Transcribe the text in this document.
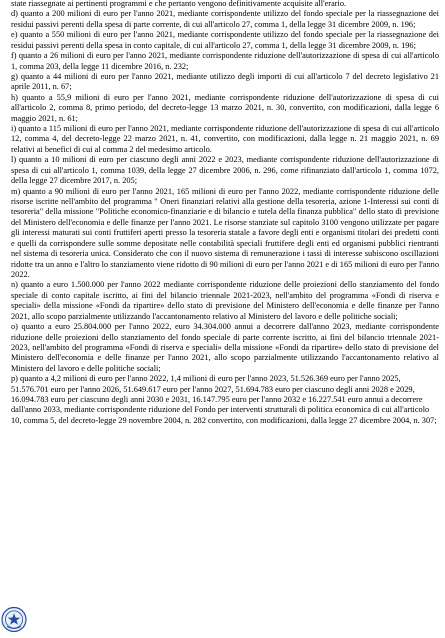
state riassegnate ai pertinenti programmi e che pertanto vengono definitivamente acquisite all'erario.

d) quanto a 200 milioni di euro per l'anno 2021, mediante corrispondente utilizzo del fondo speciale per la riassegnazione dei residui passivi perenti della spesa di parte corrente, di cui all'articolo 27, comma 1, della legge 31 dicembre 2009, n. 196;

e) quanto a 550 milioni di euro per l'anno 2021, mediante corrispondente utilizzo del fondo speciale per la riassegnazione dei residui passivi perenti della spesa in conto capitale, di cui all'articolo 27, comma 1, della legge 31 dicembre 2009, n. 196;

f) quanto a 26 milioni di euro per l'anno 2021, mediante corrispondente riduzione dell'autorizzazione di spesa di cui all'articolo 1, comma 203, della legge 11 dicembre 2016, n. 232;

g) quanto a 44 milioni di euro per l'anno 2021, mediante utilizzo degli importi di cui all'articolo 7 del decreto legislativo 21 aprile 2011, n. 67;

h) quanto a 55,9 milioni di euro per l'anno 2021, mediante corrispondente riduzione dell'autorizzazione di spesa di cui all'articolo 2, comma 8, primo periodo, del decreto-legge 13 marzo 2021, n. 30, convertito, con modificazioni, dalla legge 6 maggio 2021, n. 61;

i) quanto a 115 milioni di euro per l'anno 2021, mediante corrispondente riduzione dell'autorizzazione di spesa di cui all'articolo 12, comma 4, del decreto-legge 22 marzo 2021, n. 41, convertito, con modificazioni, dalla legge n. 21 maggio 2021, n. 69 relativi ai benefici di cui al comma 2 del medesimo articolo.

l) quanto a 10 milioni di euro per ciascuno degli anni 2022 e 2023, mediante corrispondente riduzione dell'autorizzazione di spesa di cui all'articolo 1, comma 1039, della legge 27 dicembre 2006, n. 296, come rifinanziato dall'articolo 1, comma 1072, della legge 27 dicembre 2017, n. 205;

m) quanto a 90 milioni di euro per l'anno 2021, 165 milioni di euro per l'anno 2022, mediante corrispondente riduzione delle risorse iscritte nell'ambito del programma " Oneri finanziari relativi alla gestione della tesoreria, azione 1-Interessi sui conti di tesoreria" della missione "Politiche economico-finanziarie e di bilancio e tutela della finanza pubblica" dello stato di previsione del Ministero dell'economia e delle finanze per l'anno 2021. Le risorse stanziate sul capitolo 3100 vengono utilizzate per pagare gli interessi maturati sui conti fruttiferi aperti presso la tesoreria statale a favore degli enti e organismi titolari dei predetti conti e quelli da corrispondere sulle somme depositate nelle contabilità speciali fruttifere degli enti ed organismi pubblici rientranti nel sistema di tesoreria unica. Considerato che con il nuovo sistema di remunerazione i tassi di interesse subiscono oscillazioni ridotte tra un anno e l'altro lo stanziamento viene ridotto di 90 milioni di euro per l'anno 2021 e di 165 milioni di euro per l'anno 2022.

n) quanto a euro 1.500.000 per l'anno 2022 mediante corrispondente riduzione delle proiezioni dello stanziamento del fondo speciale di conto capitale iscritto, ai fini del bilancio triennale 2021-2023, nell'ambito del programma «Fondi di riserva e speciali» della missione «Fondi da ripartire» dello stato di previsione del Ministero dell'economia e delle finanze per l'anno 2021, allo scopo parzialmente utilizzando l'accantonamento relativo al Ministero del lavoro e delle politiche sociali;

o) quanto a euro 25.804.000 per l'anno 2022, euro 34.304.000 annui a decorrere dall'anno 2023, mediante corrispondente riduzione delle proiezioni dello stanziamento del fondo speciale di parte corrente iscritto, ai fini del bilancio triennale 2021-2023, nell'ambito del programma «Fondi di riserva e speciali» della missione «Fondi da ripartire» dello stato di previsione del Ministero dell'economia e delle finanze per l'anno 2021, allo scopo parzialmente utilizzando l'accantonamento relativo al Ministero del lavoro e delle politiche sociali;

p) quanto a 4,2 milioni di euro per l'anno 2022, 1,4 milioni di euro per l'anno 2023, 51.526.369 euro per l'anno 2025, 51.576.701 euro per l'anno 2026, 51.649.617 euro per l'anno 2027, 51.694.783 euro per ciascuno degli anni 2028 e 2029, 16.094.783 euro per ciascuno degli anni 2030 e 2031, 16.147.795 euro per l'anno 2032 e 16.227.541 euro annui a decorrere dall'anno 2033, mediante corrispondente riduzione del Fondo per interventi strutturali di politica economica di cui all'articolo 10, comma 5, del decreto-legge 29 novembre 2004, n. 282 convertito, con modificazioni, dalla legge 27 dicembre 2004, n. 307;
